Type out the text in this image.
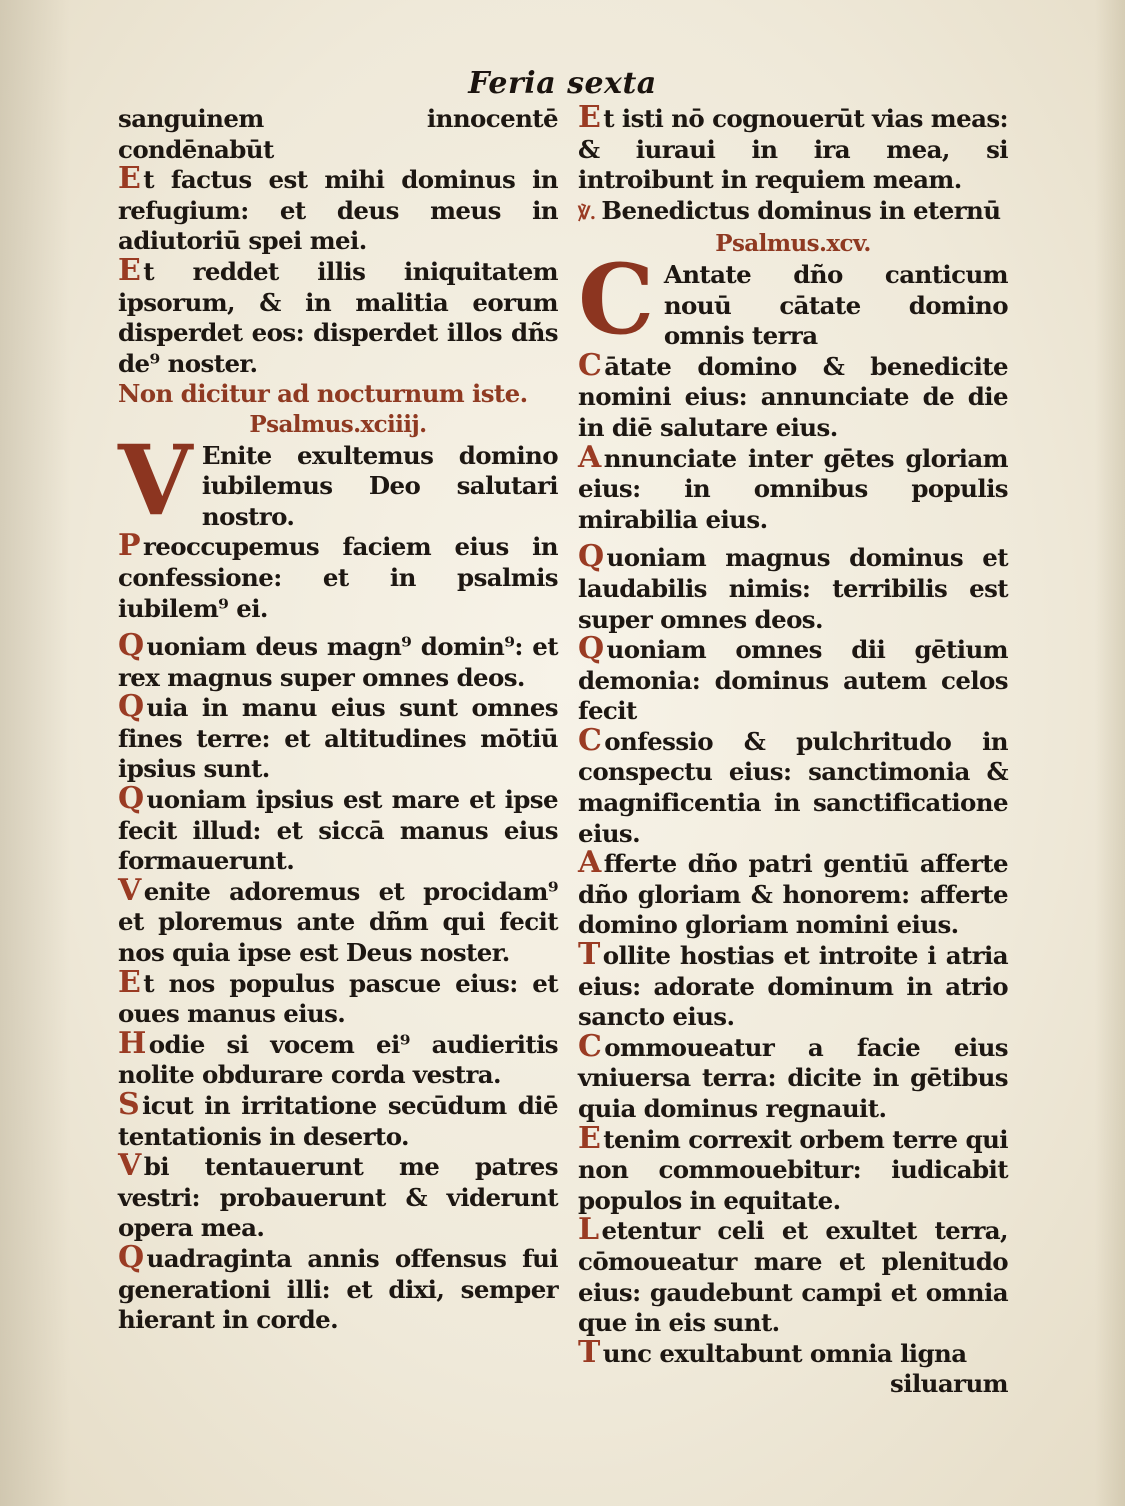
Feria sexta

sanguinem innocentē condēnabūt

E t factus est mihi dominus in refugium: et deus meus in adiutoriū spei mei.

E t reddet illis iniquitatem ipsorum, & in malitia eorum disperdet eos: disperdet illos dñs de⁹ noster.

Non dicitur ad nocturnum iste.

Psalmus.xciiij.

V Enite exultemus domino iubilemus Deo salutari nostro.

P reoccupemus faciem eius in confessione: et in psalmis iubilem⁹ ei.

Q uoniam deus magn⁹ domin⁹: et rex magnus super omnes deos.

Q uia in manu eius sunt omnes fines terre: et altitudines mōtiū ipsius sunt.

Q uoniam ipsius est mare et ipse fecit illud: et siccā manus eius formauerunt.

V enite adoremus et procidam⁹ et ploremus ante dñm qui fecit nos quia ipse est Deus noster.

E t nos populus pascue eius: et oues manus eius.

H odie si vocem ei⁹ audieritis nolite obdurare corda vestra.

S icut in irritatione secūdum diē tentationis in deserto.

V bi tentauerunt me patres vestri: probauerunt & viderunt opera mea.

Q uadraginta annis offensus fui generationi illi: et dixi, semper hierant in corde.

E t isti nō cognouerūt vias meas: & iuraui in ira mea, si introibunt in requiem meam.

℣. Benedictus dominus in eternū

Psalmus.xcv.

C Antate dño canticum nouū cātate domino omnis terra

C ātate domino & benedicite nomini eius: annunciate de die in diē salutare eius.

A nnunciate inter gētes gloriam eius: in omnibus populis mirabilia eius.

Q uoniam magnus dominus et laudabilis nimis: terribilis est super omnes deos.

Q uoniam omnes dii gētium demonia: dominus autem celos fecit

C onfessio & pulchritudo in conspectu eius: sanctimonia & magnificentia in sanctificatione eius.

A fferte dño patri gentiū afferte dño gloriam & honorem: afferte domino gloriam nomini eius.

T ollite hostias et introite i atria eius: adorate dominum in atrio sancto eius.

C ommoueatur a facie eius vniuersa terra: dicite in gētibus quia dominus regnauit.

E tenim correxit orbem terre qui non commouebitur: iudicabit populos in equitate.

L etentur celi et exultet terra, cōmoueatur mare et plenitudo eius: gaudebunt campi et omnia que in eis sunt.

T unc exultabunt omnia ligna

siluarum
